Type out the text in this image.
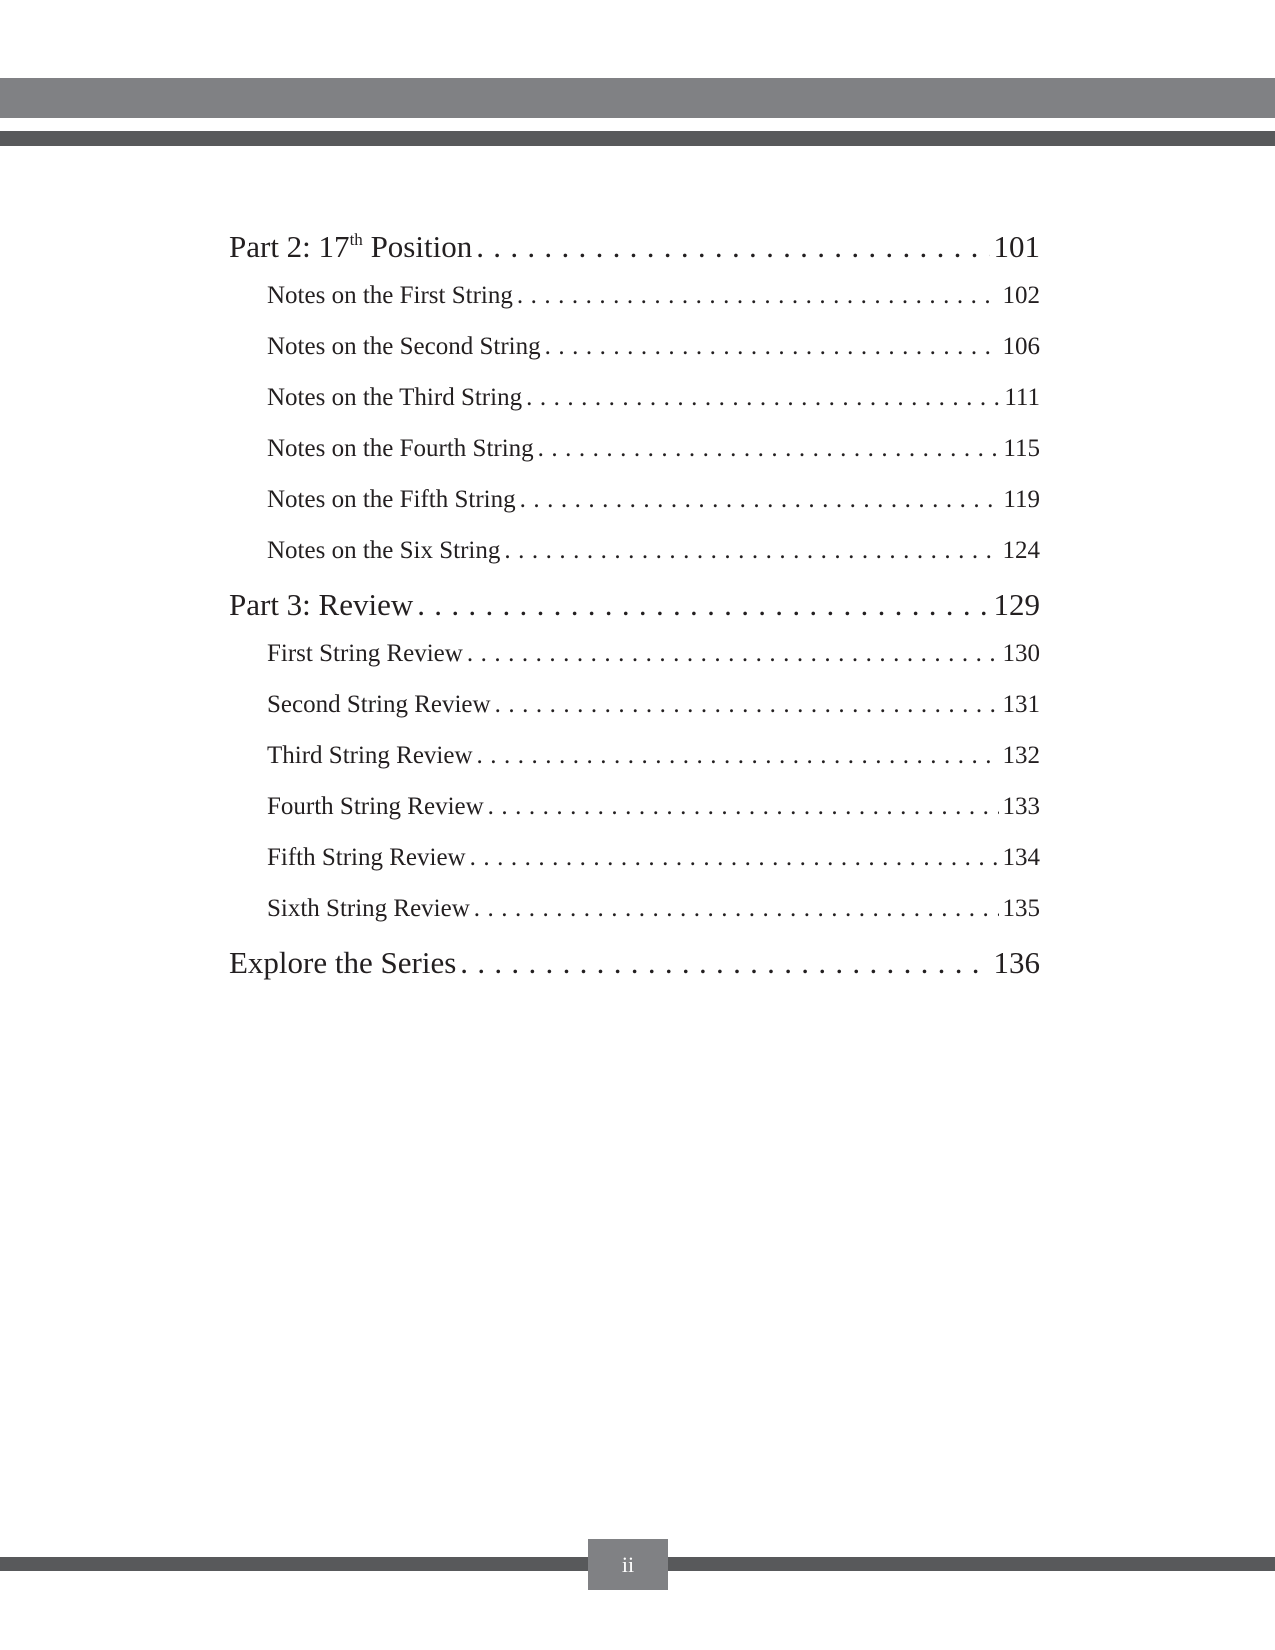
Part 2: 17th Position . . .	101
Notes on the First String . . .	102
Notes on the Second String . . .	106
Notes on the Third String . . .	111
Notes on the Fourth String . . .	115
Notes on the Fifth String . . .	119
Notes on the Six String . . .	124
Part 3: Review . . .	129
First String Review . . .	130
Second String Review . . .	131
Third String Review . . .	132
Fourth String Review . . .	133
Fifth String Review . . .	134
Sixth String Review . . .	135
Explore the Series . . .	136
ii
